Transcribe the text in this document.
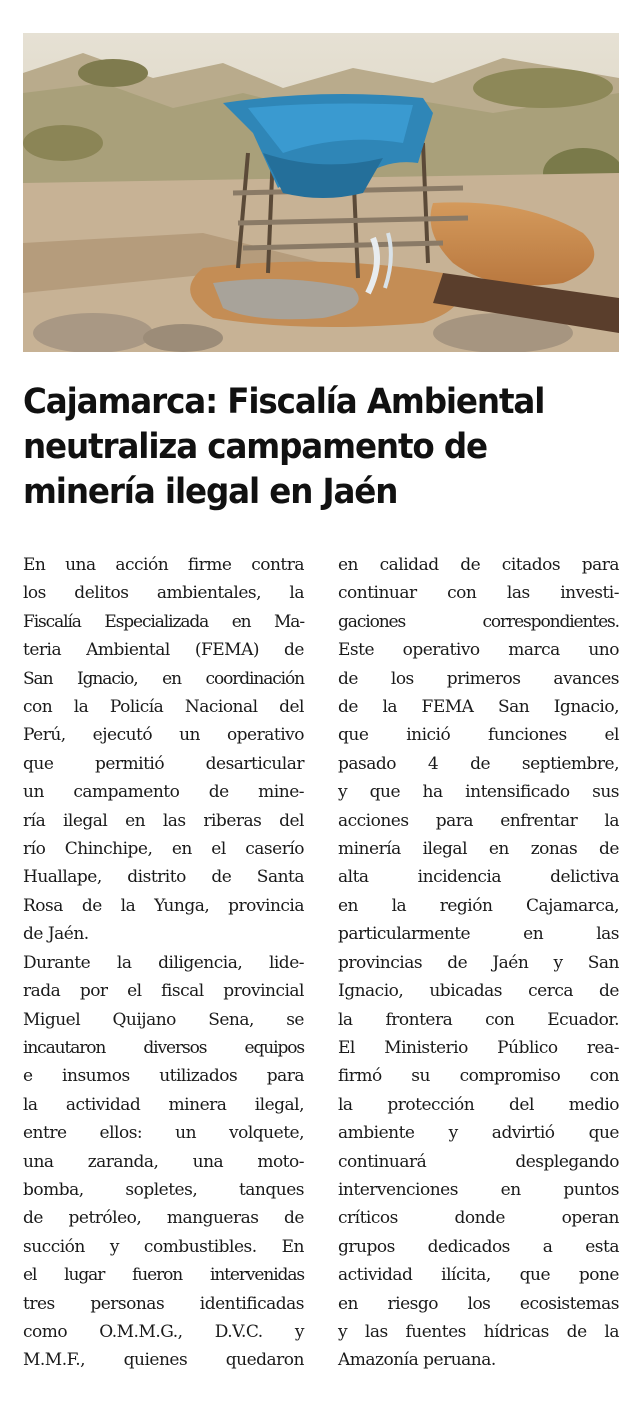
Cajamarca: Fiscalía Ambiental
neutraliza campamento de
minería ilegal en Jaén
En una acción firme contra
los delitos ambientales, la
Fiscalía Especializada en Ma-
teria Ambiental (FEMA) de
San Ignacio, en coordinación
con la Policía Nacional del
Perú, ejecutó un operativo
que permitió desarticular
un campamento de mine-
ría ilegal en las riberas del
río Chinchipe, en el caserío
Huallape, distrito de Santa
Rosa de la Yunga, provincia
de Jaén.
Durante la diligencia, lide-
rada por el fiscal provincial
Miguel Quijano Sena, se
incautaron diversos equipos
e insumos utilizados para
la actividad minera ilegal,
entre ellos: un volquete,
una zaranda, una moto-
bomba, sopletes, tanques
de petróleo, mangueras de
succión y combustibles. En
el lugar fueron intervenidas
tres personas identificadas
como O.M.M.G., D.V.C. y
M.M.F., quienes quedaron
en calidad de citados para
continuar con las investi-
gaciones correspondientes.
Este operativo marca uno
de los primeros avances
de la FEMA San Ignacio,
que inició funciones el
pasado 4 de septiembre,
y que ha intensificado sus
acciones para enfrentar la
minería ilegal en zonas de
alta incidencia delictiva
en la región Cajamarca,
particularmente en las
provincias de Jaén y San
Ignacio, ubicadas cerca de
la frontera con Ecuador.
El Ministerio Público rea-
firmó su compromiso con
la protección del medio
ambiente y advirtió que
continuará desplegando
intervenciones en puntos
críticos donde operan
grupos dedicados a esta
actividad ilícita, que pone
en riesgo los ecosistemas
y las fuentes hídricas de la
Amazonía peruana.
